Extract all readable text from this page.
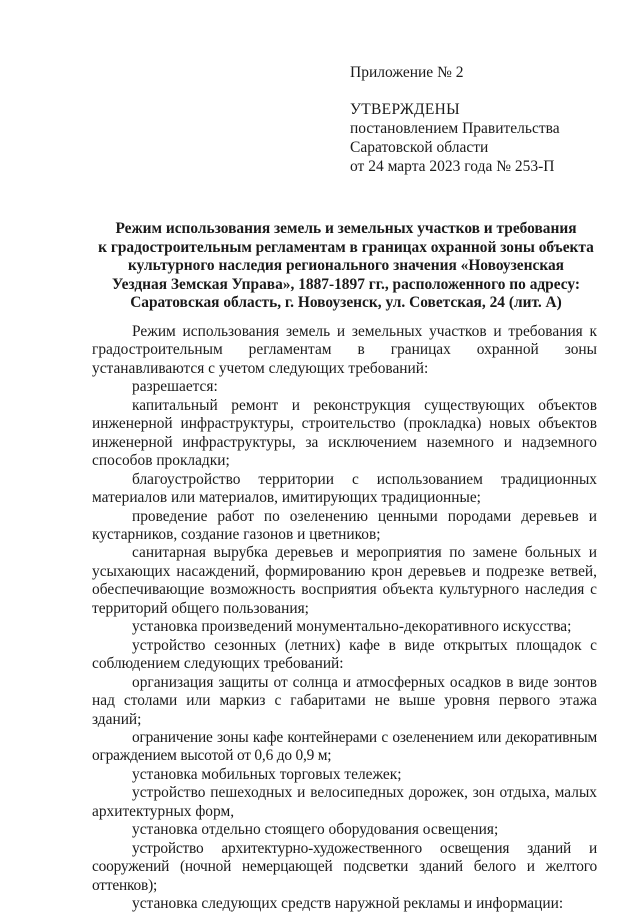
Приложение № 2

УТВЕРЖДЕНЫ

постановлением Правительства

Саратовской области

от 24 марта 2023 года № 253-П

Режим использования земель и земельных участков и требования
к градостроительным регламентам в границах охранной зоны объекта
культурного наследия регионального значения «Новоузенская
Уездная Земская Управа», 1887-1897 гг., расположенного по адресу:
Саратовская область, г. Новоузенск, ул. Советская, 24 (лит. А)

Режим использования земель и земельных участков и требования к градостроительным регламентам в границах охранной зоны устанавливаются с учетом следующих требований:

разрешается:

капитальный ремонт и реконструкция существующих объектов инженерной инфраструктуры, строительство (прокладка) новых объектов инженерной инфраструктуры, за исключением наземного и надземного способов прокладки;

благоустройство территории с использованием традиционных материалов или материалов, имитирующих традиционные;

проведение работ по озеленению ценными породами деревьев и кустарников, создание газонов и цветников;

санитарная вырубка деревьев и мероприятия по замене больных и усыхающих насаждений, формированию крон деревьев и подрезке ветвей, обеспечивающие возможность восприятия объекта культурного наследия с территорий общего пользования;

установка произведений монументально-декоративного искусства;

устройство сезонных (летних) кафе в виде открытых площадок с соблюдением следующих требований:

организация защиты от солнца и атмосферных осадков в виде зонтов над столами или маркиз с габаритами не выше уровня первого этажа зданий;

ограничение зоны кафе контейнерами с озеленением или декоративным ограждением высотой от 0,6 до 0,9 м;

установка мобильных торговых тележек;

устройство пешеходных и велосипедных дорожек, зон отдыха, малых архитектурных форм,

установка отдельно стоящего оборудования освещения;

устройство архитектурно-художественного освещения зданий и сооружений (ночной немерцающей подсветки зданий белого и желтого оттенков);

установка следующих средств наружной рекламы и информации:
